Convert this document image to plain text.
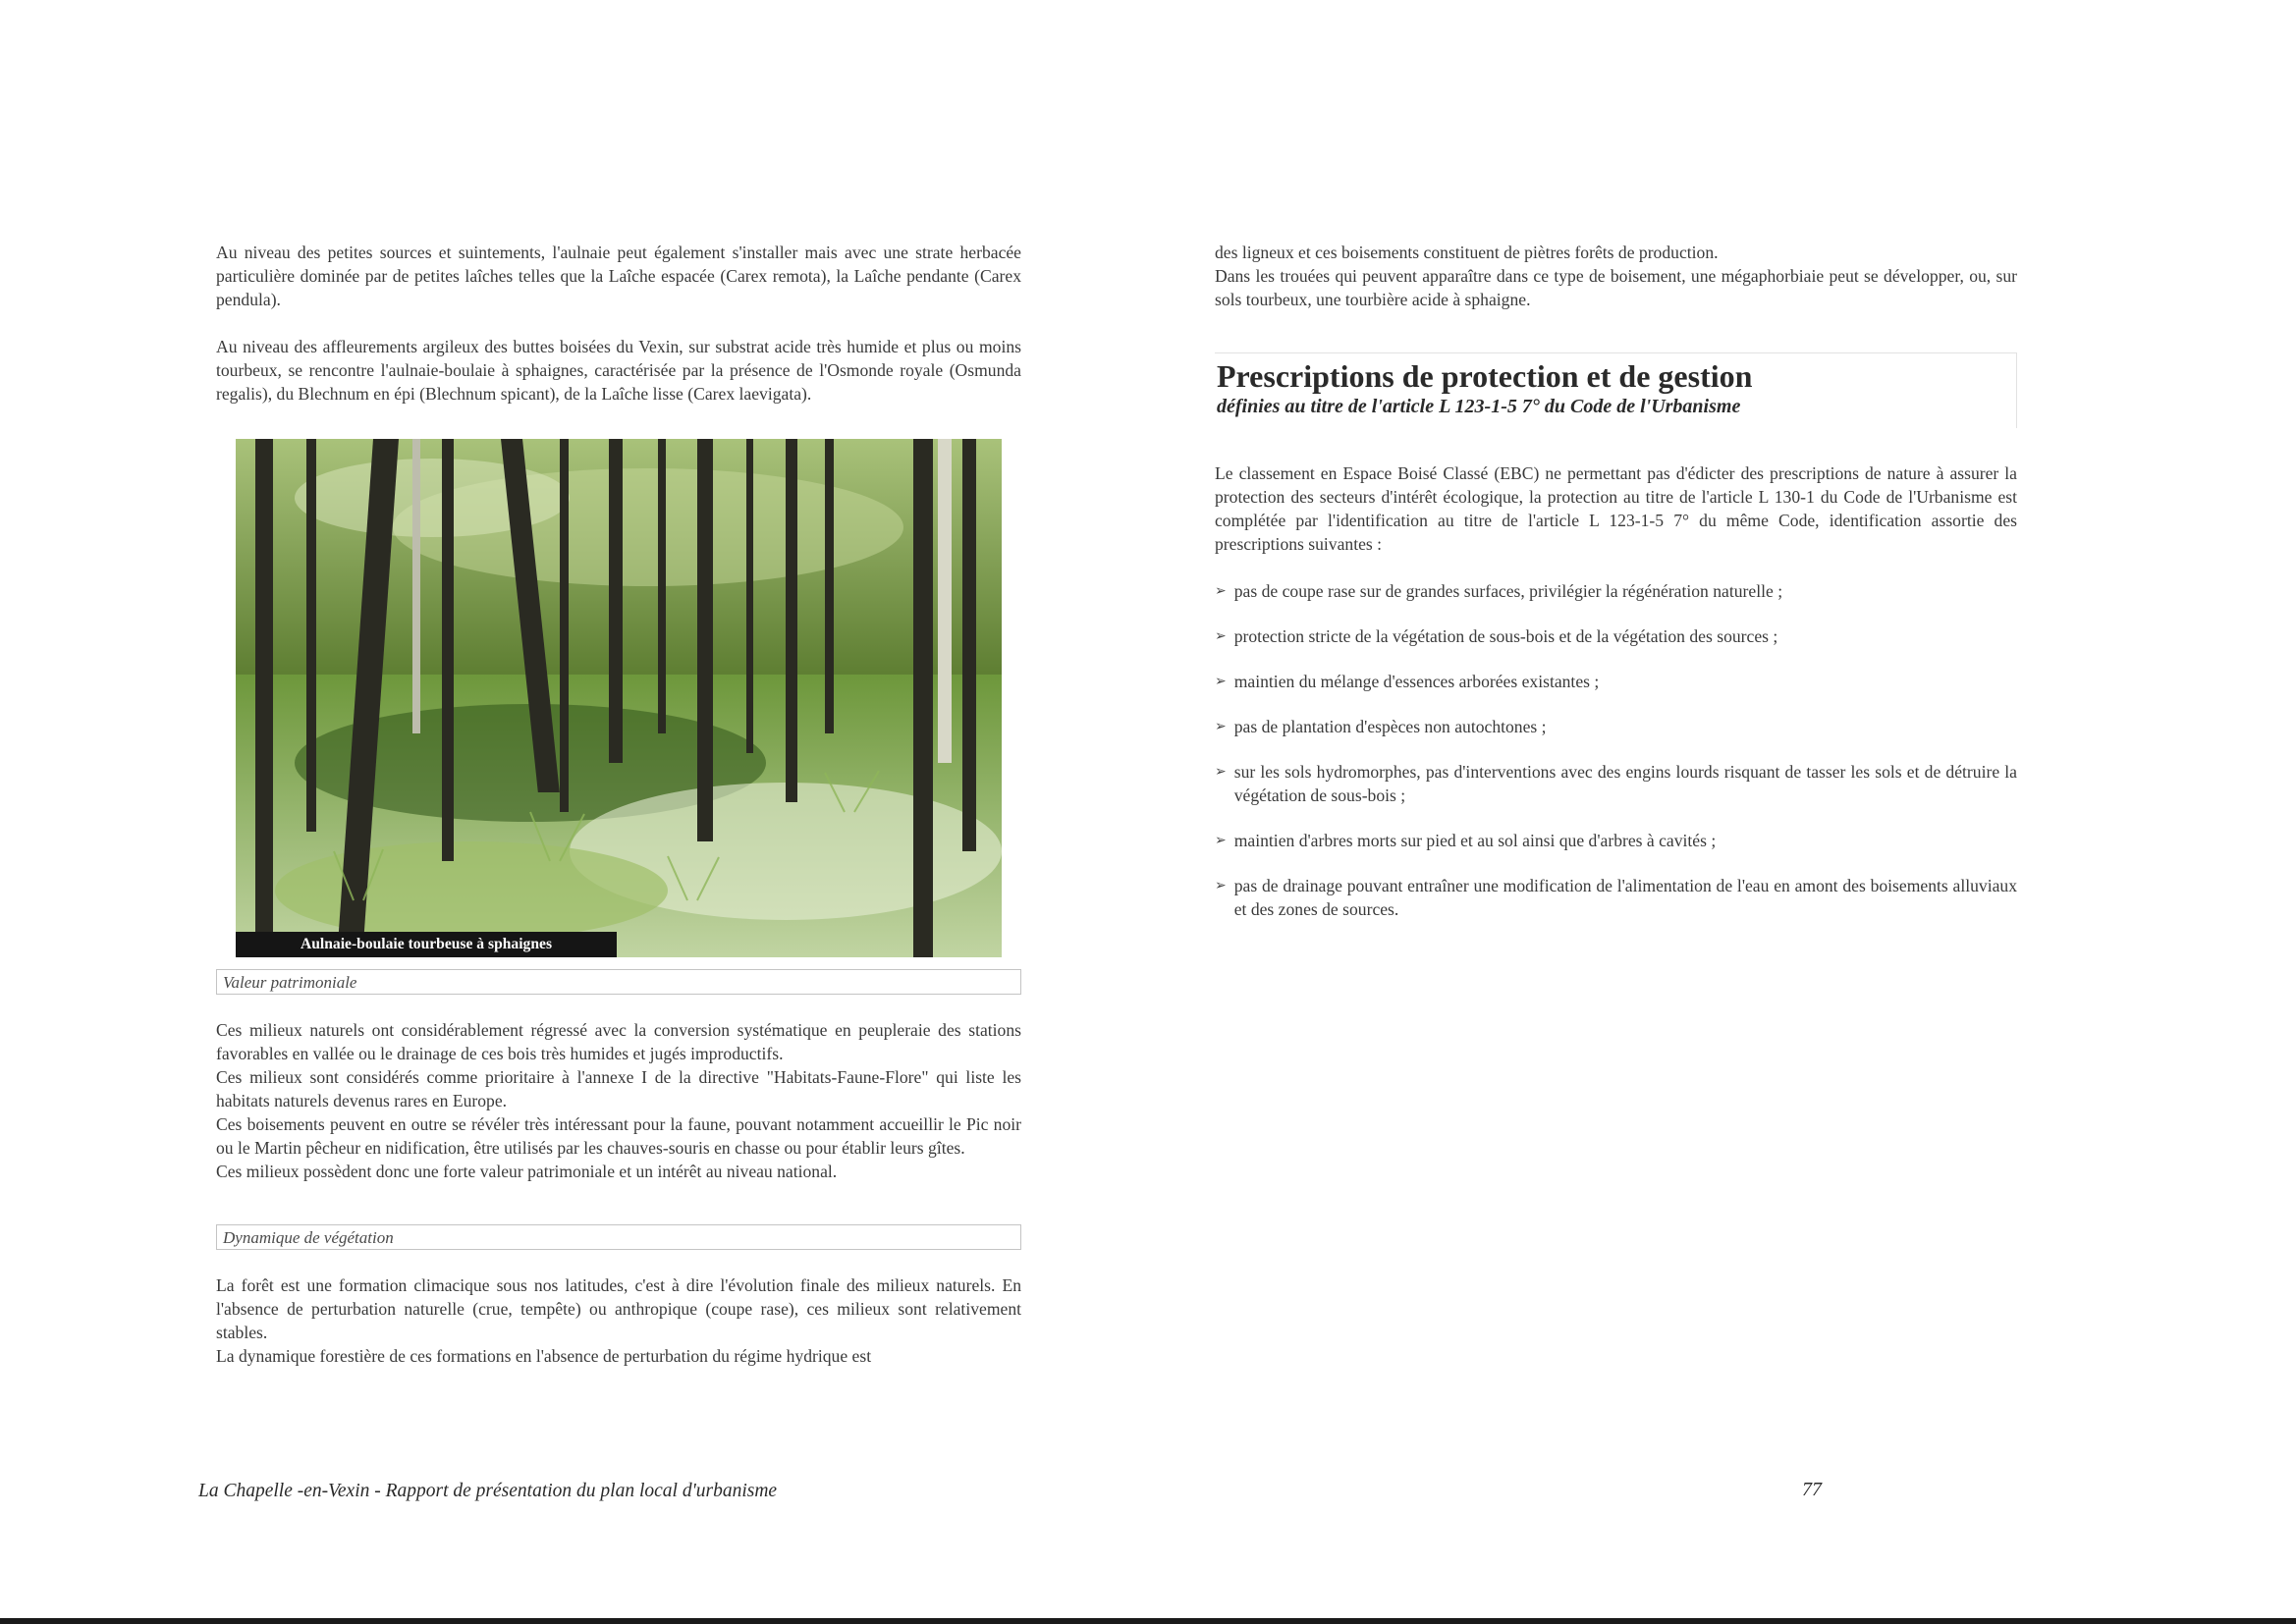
Au niveau des petites sources et suintements, l'aulnaie peut également s'installer mais avec une strate herbacée particulière dominée par de petites laîches telles que la Laîche espacée (Carex remota), la Laîche pendante (Carex pendula).

Au niveau des affleurements argileux des buttes boisées du Vexin, sur substrat acide très humide et plus ou moins tourbeux, se rencontre l'aulnaie-boulaie à sphaignes, caractérisée par la présence de l'Osmonde royale (Osmunda regalis), du Blechnum en épi (Blechnum spicant), de la Laîche lisse (Carex laevigata).

Aulnaie-boulaie tourbeuse à sphaignes
Valeur patrimoniale

Ces milieux naturels ont considérablement régressé avec la conversion systématique en peupleraie des stations favorables en vallée ou le drainage de ces bois très humides et jugés improductifs.

Ces milieux sont considérés comme prioritaire à l'annexe I de la directive "Habitats-Faune-Flore" qui liste les habitats naturels devenus rares en Europe.

Ces boisements peuvent en outre se révéler très intéressant pour la faune, pouvant notamment accueillir le Pic noir ou le Martin pêcheur en nidification, être utilisés par les chauves-souris en chasse ou pour établir leurs gîtes.

Ces milieux possèdent donc une forte valeur patrimoniale et un intérêt au niveau national.

Dynamique de végétation

La forêt est une formation climacique sous nos latitudes, c'est à dire l'évolution finale des milieux naturels. En l'absence de perturbation naturelle (crue, tempête) ou anthropique (coupe rase), ces milieux sont relativement stables.

La dynamique forestière de ces formations en l'absence de perturbation du régime hydrique est

des ligneux et ces boisements constituent de piètres forêts de production.

Dans les trouées qui peuvent apparaître dans ce type de boisement, une mégaphorbiaie peut se développer, ou, sur sols tourbeux, une tourbière acide à sphaigne.

Prescriptions de protection et de gestion
définies au titre de l'article L 123-1-5 7° du Code de l'Urbanisme

Le classement en Espace Boisé Classé (EBC) ne permettant pas d'édicter des prescriptions de nature à assurer la protection des secteurs d'intérêt écologique, la protection au titre de l'article L 130-1 du Code de l'Urbanisme est complétée par l'identification au titre de l'article L 123-1-5 7° du même Code, identification assortie des prescriptions suivantes :

➢ pas de coupe rase sur de grandes surfaces, privilégier la régénération naturelle ;

➢ protection stricte de la végétation de sous-bois et de la végétation des sources ;

➢ maintien du mélange d'essences arborées existantes ;

➢ pas de plantation d'espèces non autochtones ;

➢ sur les sols hydromorphes, pas d'interventions avec des engins lourds risquant de tasser les sols et de détruire la végétation de sous-bois ;

➢ maintien d'arbres morts sur pied et au sol ainsi que d'arbres à cavités ;

➢ pas de drainage pouvant entraîner une modification de l'alimentation de l'eau en amont des boisements alluviaux et des zones de sources.

La Chapelle -en-Vexin - Rapport de présentation du plan local d'urbanisme	77
